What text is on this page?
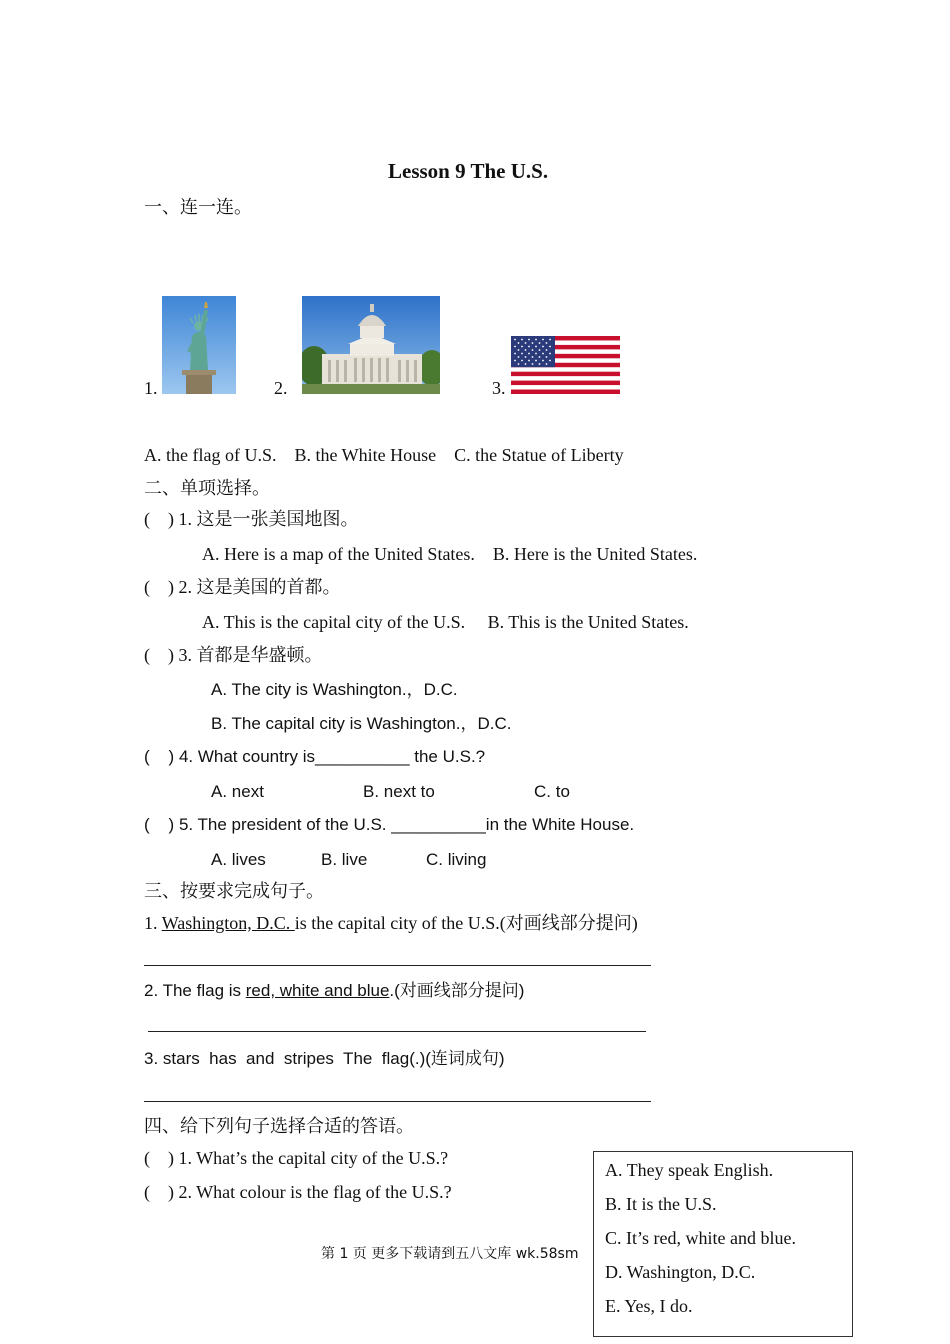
Lesson 9 The U.S.
一、连一连。
1.	2.	3.
A. the flag of U.S.    B. the White House    C. the Statue of Liberty
二、单项选择。
(    ) 1. 这是一张美国地图。
A. Here is a map of the United States.    B. Here is the United States.
(    ) 2. 这是美国的首都。
A. This is the capital city of the U.S.     B. This is the United States.
(    ) 3. 首都是华盛顿。
A. The city is Washington.，D.C.
B. The capital city is Washington.，D.C.
(    ) 4. What country is__________ the U.S.?
A. next	B. next to	C. to
(    ) 5. The president of the U.S. __________in the White House.
A. lives	B. live	C. living
三、按要求完成句子。
1. Washington, D.C. is the capital city of the U.S.(对画线部分提问)
2. The flag is red, white and blue.(对画线部分提问)
3. stars  has  and  stripes  The  flag(.)(连词成句)
四、给下列句子选择合适的答语。
(    ) 1. What’s the capital city of the U.S.?
(    ) 2. What colour is the flag of the U.S.?
第 1 页 更多下载请到五八文库 wk.58sm
A. They speak English.
B. It is the U.S.
C. It’s red, white and blue.
D. Washington, D.C.
E. Yes, I do.
